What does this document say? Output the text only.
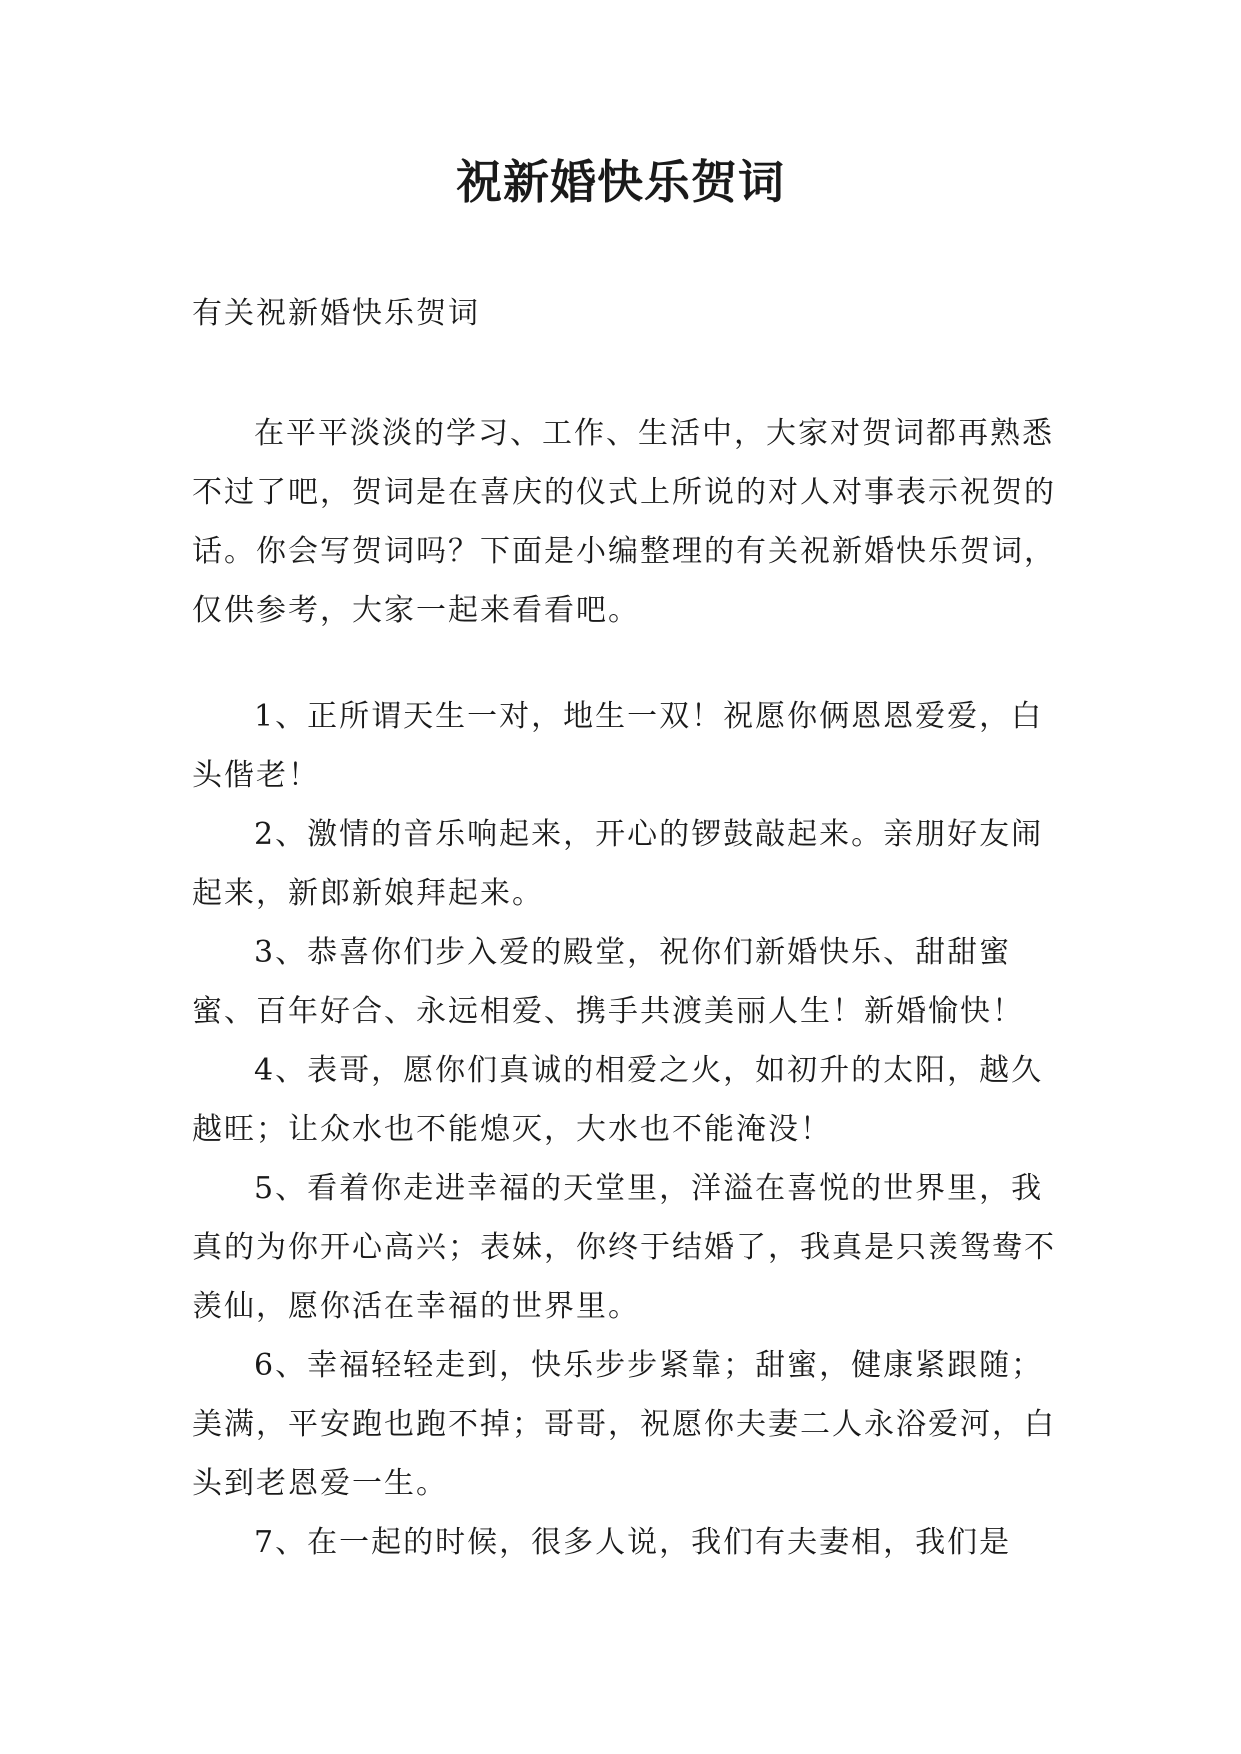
祝新婚快乐贺词
有关祝新婚快乐贺词

在平平淡淡的学习、工作、生活中，大家对贺词都再熟悉不过了吧，贺词是在喜庆的仪式上所说的对人对事表示祝贺的话。你会写贺词吗？下面是小编整理的有关祝新婚快乐贺词，仅供参考，大家一起来看看吧。

1、正所谓天生一对，地生一双！祝愿你俩恩恩爱爱，白头偕老！

2、激情的音乐响起来，开心的锣鼓敲起来。亲朋好友闹起来，新郎新娘拜起来。

3、恭喜你们步入爱的殿堂，祝你们新婚快乐、甜甜蜜蜜、百年好合、永远相爱、携手共渡美丽人生！新婚愉快！

4、表哥，愿你们真诚的相爱之火，如初升的太阳，越久越旺；让众水也不能熄灭，大水也不能淹没！

5、看着你走进幸福的天堂里，洋溢在喜悦的世界里，我真的为你开心高兴；表妹，你终于结婚了，我真是只羡鸳鸯不羡仙，愿你活在幸福的世界里。

6、幸福轻轻走到，快乐步步紧靠；甜蜜，健康紧跟随；美满，平安跑也跑不掉；哥哥，祝愿你夫妻二人永浴爱河，白头到老恩爱一生。

7、在一起的时候，很多人说，我们有夫妻相，我们是
